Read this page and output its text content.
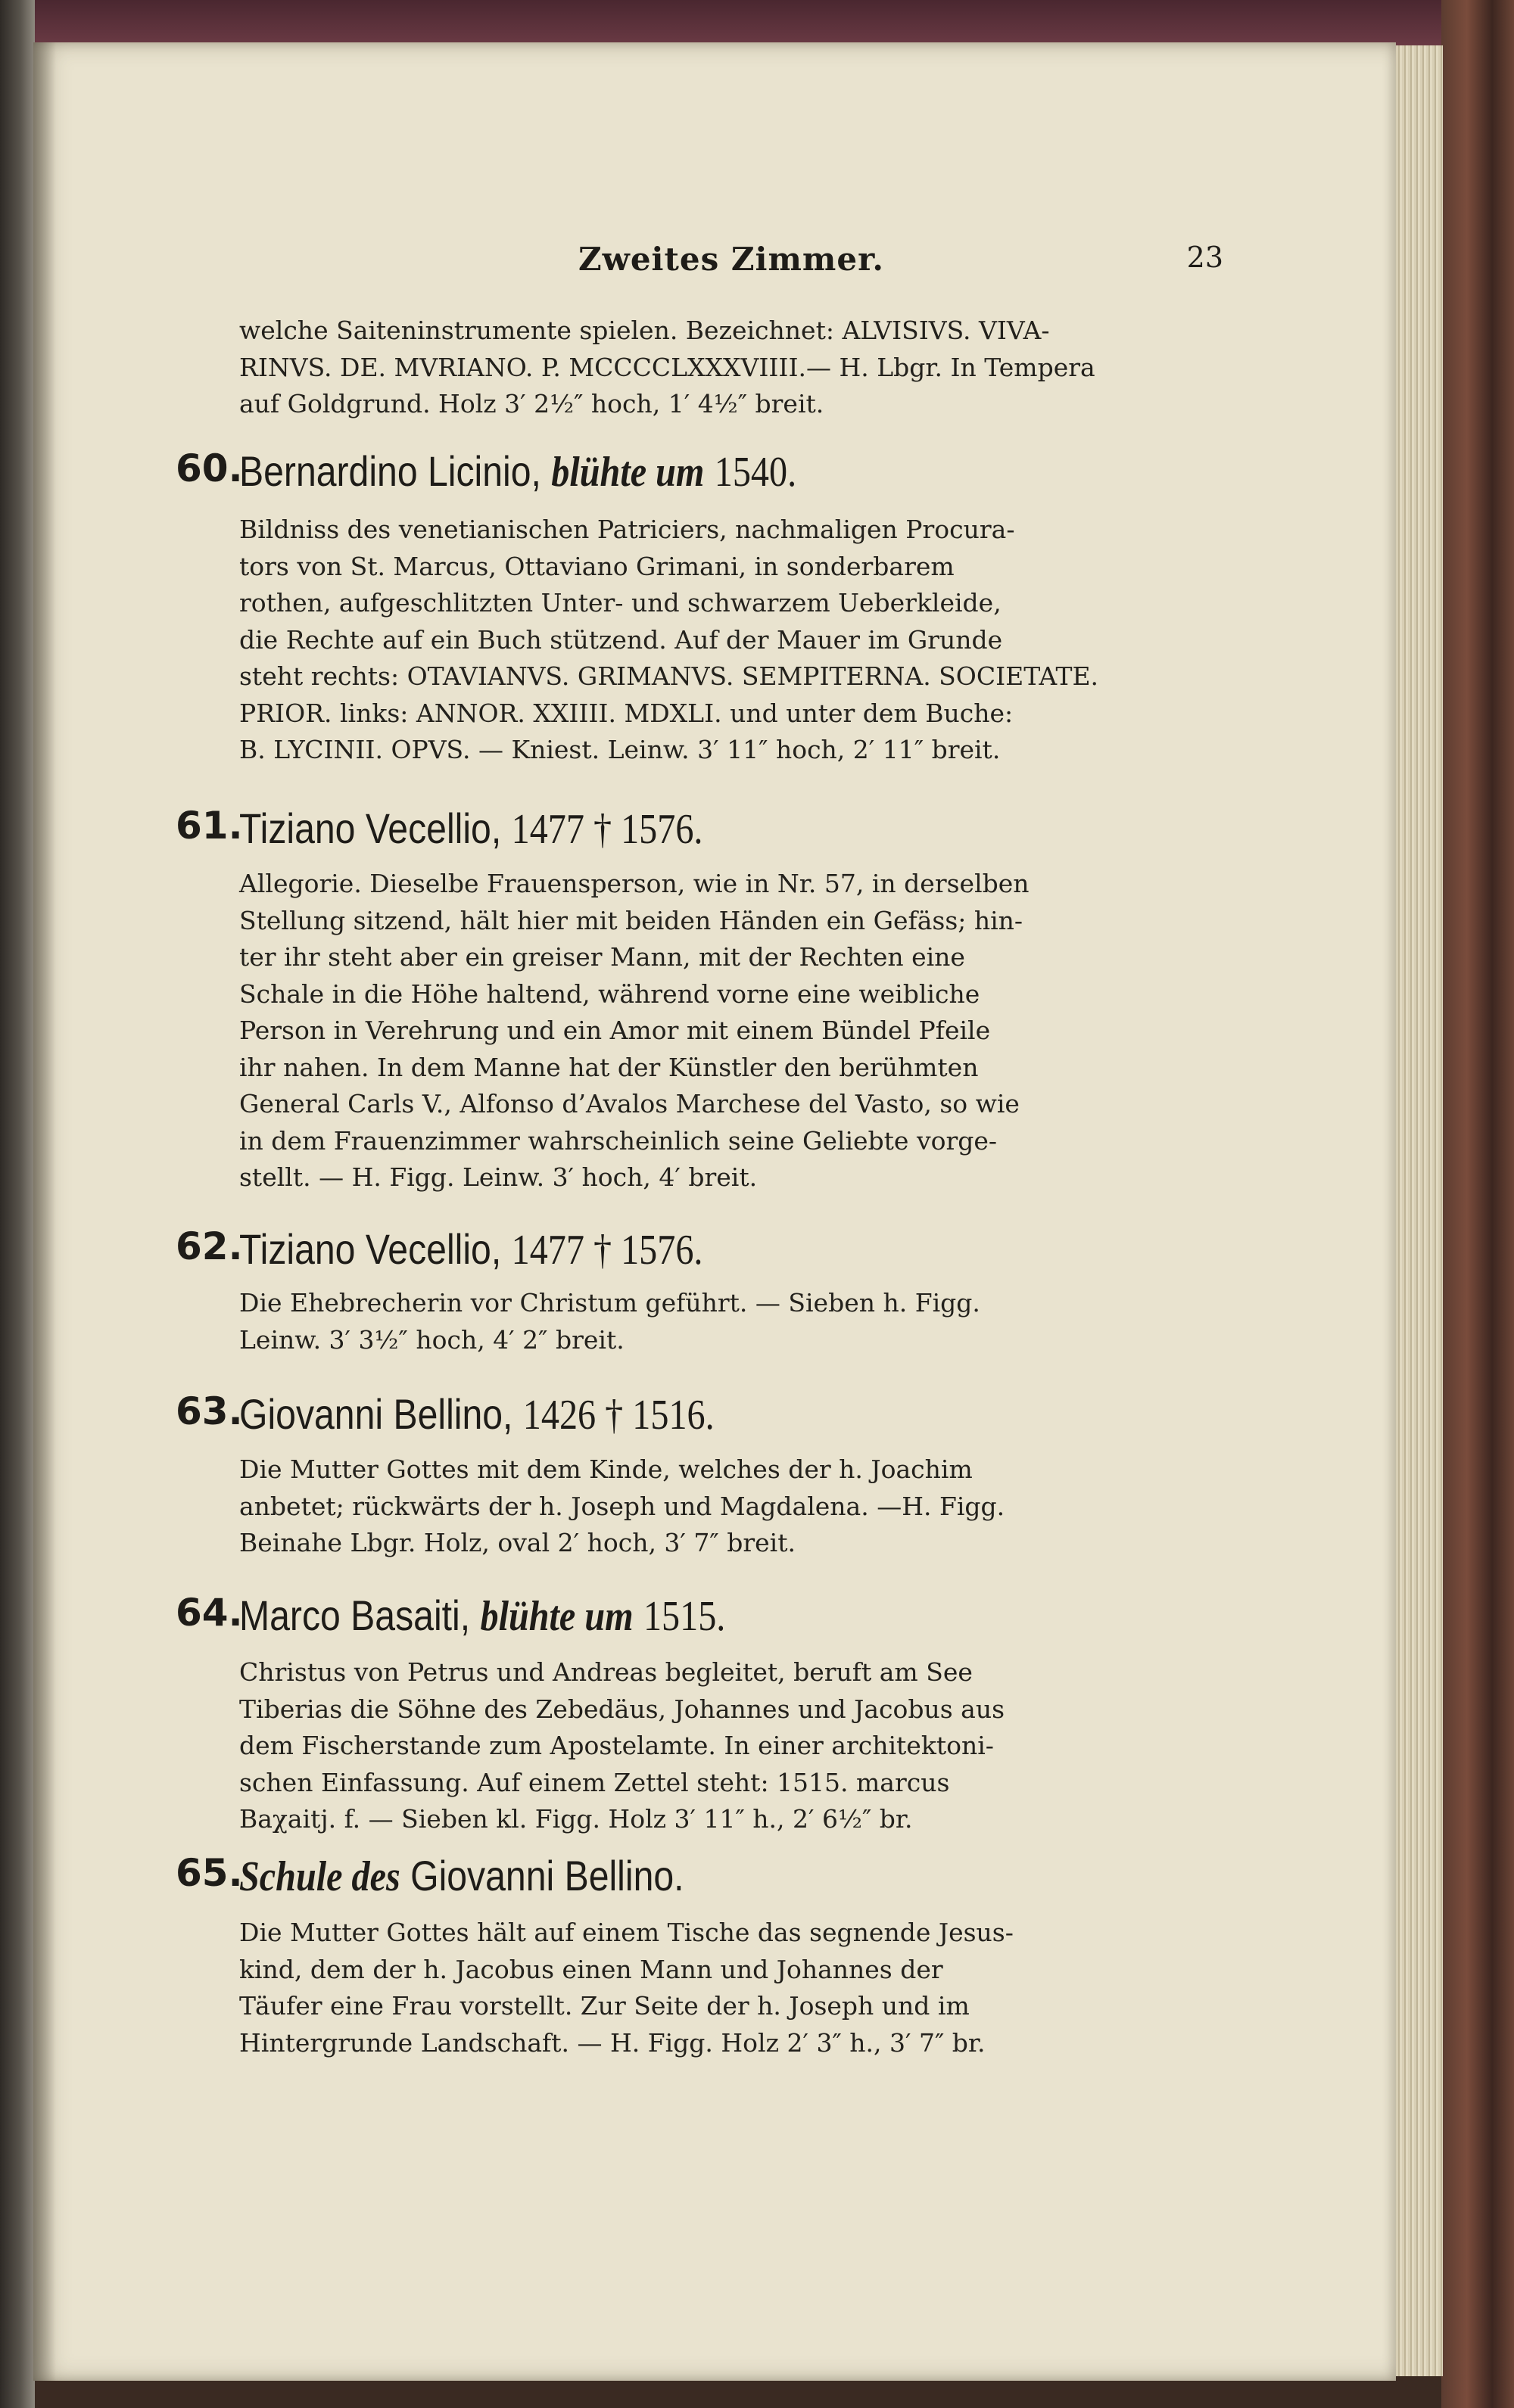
Zweites Zimmer.	23
welche Saiteninstrumente spielen. Bezeichnet: ALVISIVS. VIVA-
RINVS. DE. MVRIANO. P. MCCCCLXXXVIIII.— H. Lbgr. In Tempera
auf Goldgrund. Holz 3′ 2½″ hoch, 1′ 4½″ breit.
60.
Bernardino Licinio, blühte um 1540.
Bildniss des venetianischen Patriciers, nachmaligen Procura-
tors von St. Marcus, Ottaviano Grimani, in sonderbarem
rothen, aufgeschlitzten Unter- und schwarzem Ueberkleide,
die Rechte auf ein Buch stützend. Auf der Mauer im Grunde
steht rechts: OTAVIANVS. GRIMANVS. SEMPITERNA. SOCIETATE.
PRIOR. links: ANNOR. XXIIII. MDXLI. und unter dem Buche:
B. LYCINII. OPVS. — Kniest. Leinw. 3′ 11″ hoch, 2′ 11″ breit.
61.
Tiziano Vecellio, 1477 † 1576.
Allegorie. Dieselbe Frauensperson, wie in Nr. 57, in derselben
Stellung sitzend, hält hier mit beiden Händen ein Gefäss; hin-
ter ihr steht aber ein greiser Mann, mit der Rechten eine
Schale in die Höhe haltend, während vorne eine weibliche
Person in Verehrung und ein Amor mit einem Bündel Pfeile
ihr nahen. In dem Manne hat der Künstler den berühmten
General Carls V., Alfonso d’Avalos Marchese del Vasto, so wie
in dem Frauenzimmer wahrscheinlich seine Geliebte vorge-
stellt. — H. Figg. Leinw. 3′ hoch, 4′ breit.
62.
Tiziano Vecellio, 1477 † 1576.
Die Ehebrecherin vor Christum geführt. — Sieben h. Figg.
Leinw. 3′ 3½″ hoch, 4′ 2″ breit.
63.
Giovanni Bellino, 1426 † 1516.
Die Mutter Gottes mit dem Kinde, welches der h. Joachim
anbetet; rückwärts der h. Joseph und Magdalena. —H. Figg.
Beinahe Lbgr. Holz, oval 2′ hoch, 3′ 7″ breit.
64.
Marco Basaiti, blühte um 1515.
Christus von Petrus und Andreas begleitet, beruft am See
Tiberias die Söhne des Zebedäus, Johannes und Jacobus aus
dem Fischerstande zum Apostelamte. In einer architektoni-
schen Einfassung. Auf einem Zettel steht: 1515. marcus
Baχaitj. f. — Sieben kl. Figg. Holz 3′ 11″ h., 2′ 6½″ br.
65.
Schule des Giovanni Bellino.
Die Mutter Gottes hält auf einem Tische das segnende Jesus-
kind, dem der h. Jacobus einen Mann und Johannes der
Täufer eine Frau vorstellt. Zur Seite der h. Joseph und im
Hintergrunde Landschaft. — H. Figg. Holz 2′ 3″ h., 3′ 7″ br.
